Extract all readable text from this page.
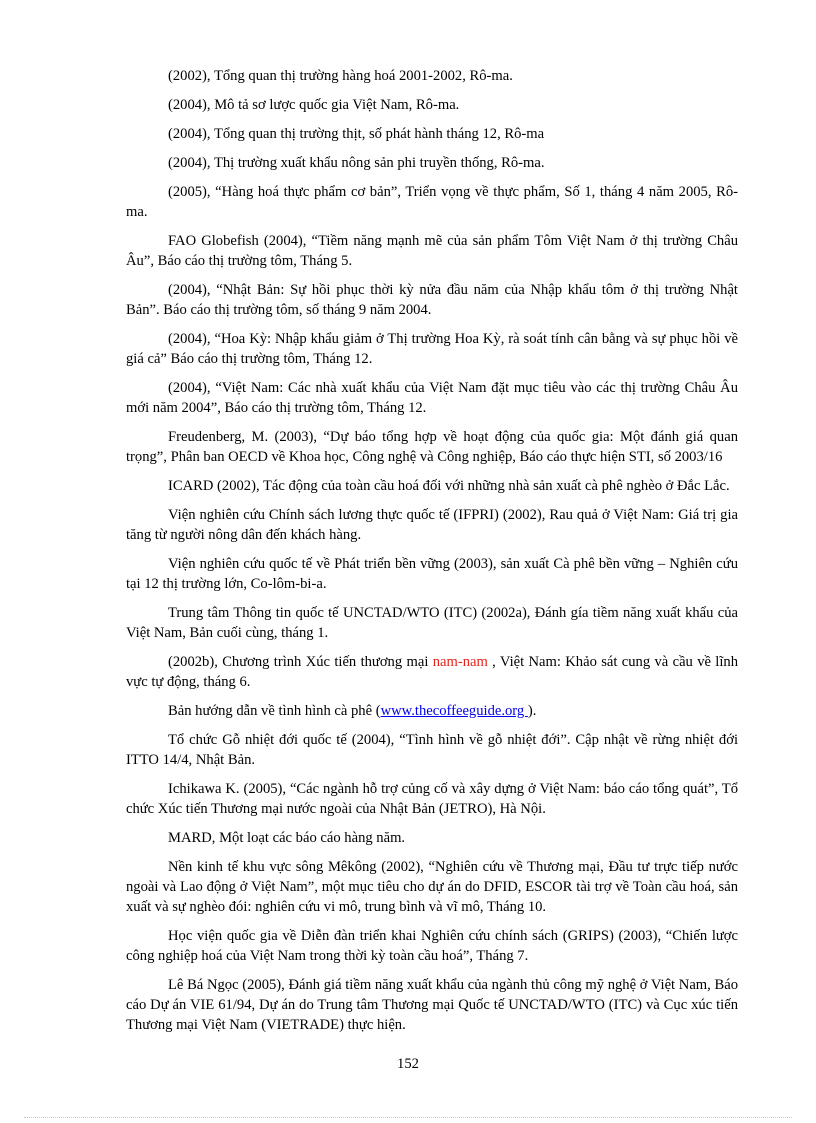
(2002), Tổng quan thị trường hàng hoá 2001-2002, Rô-ma.

(2004), Mô tả sơ lược quốc gia Việt Nam, Rô-ma.

(2004), Tổng quan thị trường thịt, số phát hành tháng 12, Rô-ma

(2004), Thị trường xuất khẩu nông sản phi truyền thống, Rô-ma.

(2005), “Hàng hoá thực phẩm cơ bản”, Triển vọng về thực phẩm, Số 1, tháng 4 năm 2005, Rô-ma.

FAO Globefish (2004), “Tiềm năng mạnh mẽ của sản phẩm Tôm Việt Nam ở thị trường Châu Âu”, Báo cáo thị trường tôm, Tháng 5.

(2004), “Nhật Bản: Sự hồi phục thời kỳ nửa đầu năm của Nhập khẩu tôm ở thị trường Nhật Bản”. Báo cáo thị trường tôm, số tháng 9 năm 2004.

(2004), “Hoa Kỳ: Nhập khẩu giảm ở Thị trường Hoa Kỳ, rà soát tính cân bằng và sự phục hồi về giá cả” Báo cáo thị trường tôm, Tháng 12.

(2004), “Việt Nam: Các nhà xuất khẩu của Việt Nam đặt mục tiêu vào các thị trường Châu Âu mới năm 2004”, Báo cáo thị trường tôm, Tháng 12.

Freudenberg, M. (2003), “Dự báo tổng hợp về hoạt động của quốc gia: Một đánh giá quan trọng”, Phân ban OECD về Khoa học, Công nghệ và Công nghiệp, Báo cáo thực hiện STI, số 2003/16

ICARD (2002), Tác động của toàn cầu hoá đối với những nhà sản xuất cà phê nghèo ở Đắc Lắc.

Viện nghiên cứu Chính sách lương thực quốc tế (IFPRI) (2002), Rau quả ở Việt Nam: Giá trị gia tăng từ người nông dân đến khách hàng.

Viện nghiên cứu quốc tế về Phát triển bền vững (2003), sản xuất Cà phê bền vững – Nghiên cứu tại 12 thị trường lớn, Co-lôm-bi-a.

Trung tâm Thông tin quốc tế UNCTAD/WTO (ITC) (2002a), Đánh gía tiềm năng xuất khẩu của Việt Nam, Bản cuối cùng, tháng 1.

(2002b), Chương trình Xúc tiến thương mại nam-nam , Việt Nam: Khảo sát cung và cầu về lĩnh vực tự động, tháng 6.

Bản hướng dẫn về tình hình cà phê (www.thecoffeeguide.org ).

Tổ chức Gỗ nhiệt đới quốc tế (2004), “Tình hình về gỗ nhiệt đới”. Cập nhật về rừng nhiệt đới ITTO 14/4, Nhật Bản.

Ichikawa K. (2005), “Các ngành hỗ trợ củng cố và xây dựng ở Việt Nam: báo cáo tổng quát”, Tổ chức Xúc tiến Thương mại nước ngoài của Nhật Bản (JETRO), Hà Nội.

MARD, Một loạt các báo cáo hàng năm.

Nền kinh tế khu vực sông Mêkông (2002), “Nghiên cứu về Thương mại, Đầu tư trực tiếp nước ngoài và Lao động ở Việt Nam”, một mục tiêu cho dự án do DFID, ESCOR tài trợ về Toàn cầu hoá, sản xuất và sự nghèo đói: nghiên cứu vi mô, trung bình và vĩ mô, Tháng 10.

Học viện quốc gia về Diễn đàn triển khai Nghiên cứu chính sách (GRIPS) (2003), “Chiến lược công nghiệp hoá của Việt Nam trong thời kỳ toàn cầu hoá”, Tháng 7.

Lê Bá Ngọc (2005), Đánh giá tiềm năng xuất khẩu của ngành thủ công mỹ nghệ ở Việt Nam, Báo cáo Dự án VIE 61/94, Dự án do Trung tâm Thương mại Quốc tế UNCTAD/WTO (ITC) và Cục xúc tiến Thương mại Việt Nam (VIETRADE) thực hiện.

152
